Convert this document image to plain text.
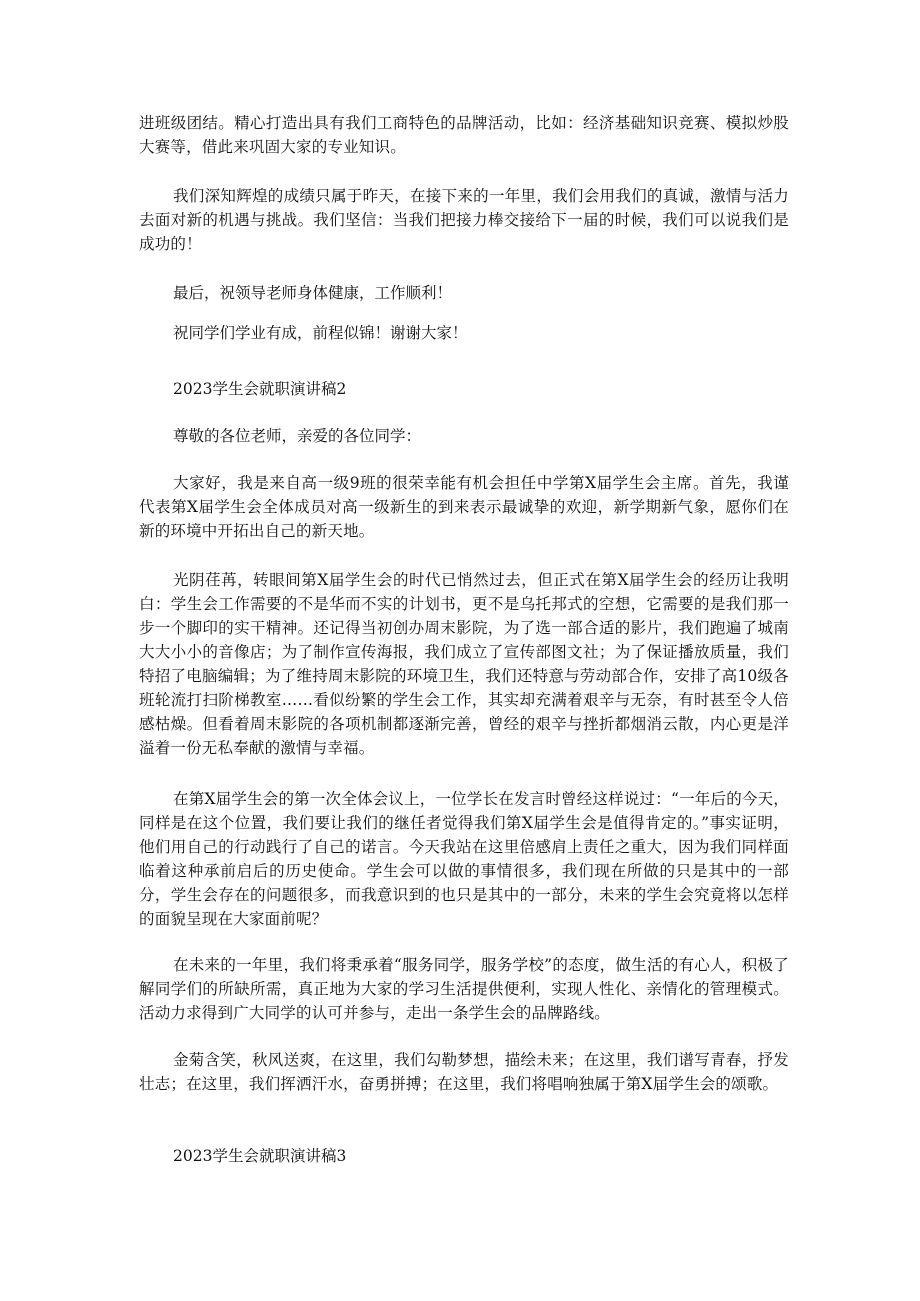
进班级团结。精心打造出具有我们工商特色的品牌活动，比如：经济基础知识竞赛、模拟炒股大赛等，借此来巩固大家的专业知识。

我们深知辉煌的成绩只属于昨天，在接下来的一年里，我们会用我们的真诚，激情与活力去面对新的机遇与挑战。我们坚信：当我们把接力棒交接给下一届的时候，我们可以说我们是成功的！

最后，祝领导老师身体健康，工作顺利！

祝同学们学业有成，前程似锦！谢谢大家！

2023学生会就职演讲稿2

尊敬的各位老师，亲爱的各位同学：

大家好，我是来自高一级9班的很荣幸能有机会担任中学第X届学生会主席。首先，我谨代表第X届学生会全体成员对高一级新生的到来表示最诚挚的欢迎，新学期新气象，愿你们在新的环境中开拓出自己的新天地。

光阴荏苒，转眼间第X届学生会的时代已悄然过去，但正式在第X届学生会的经历让我明白：学生会工作需要的不是华而不实的计划书，更不是乌托邦式的空想，它需要的是我们那一步一个脚印的实干精神。还记得当初创办周末影院，为了选一部合适的影片，我们跑遍了城南大大小小的音像店；为了制作宣传海报，我们成立了宣传部图文社；为了保证播放质量，我们特招了电脑编辑；为了维持周末影院的环境卫生，我们还特意与劳动部合作，安排了高10级各班轮流打扫阶梯教室……看似纷繁的学生会工作，其实却充满着艰辛与无奈，有时甚至令人倍感枯燥。但看着周末影院的各项机制都逐渐完善，曾经的艰辛与挫折都烟消云散，内心更是洋溢着一份无私奉献的激情与幸福。

在第X届学生会的第一次全体会议上，一位学长在发言时曾经这样说过：“一年后的今天，同样是在这个位置，我们要让我们的继任者觉得我们第X届学生会是值得肯定的。”事实证明，他们用自己的行动践行了自己的诺言。今天我站在这里倍感肩上责任之重大，因为我们同样面临着这种承前启后的历史使命。学生会可以做的事情很多，我们现在所做的只是其中的一部分，学生会存在的问题很多，而我意识到的也只是其中的一部分，未来的学生会究竟将以怎样的面貌呈现在大家面前呢？

在未来的一年里，我们将秉承着“服务同学，服务学校”的态度，做生活的有心人，积极了解同学们的所缺所需，真正地为大家的学习生活提供便利，实现人性化、亲情化的管理模式。活动力求得到广大同学的认可并参与，走出一条学生会的品牌路线。

金菊含笑，秋风送爽，在这里，我们勾勒梦想，描绘未来；在这里，我们谱写青春，抒发壮志；在这里，我们挥洒汗水，奋勇拼搏；在这里，我们将唱响独属于第X届学生会的颂歌。

2023学生会就职演讲稿3
